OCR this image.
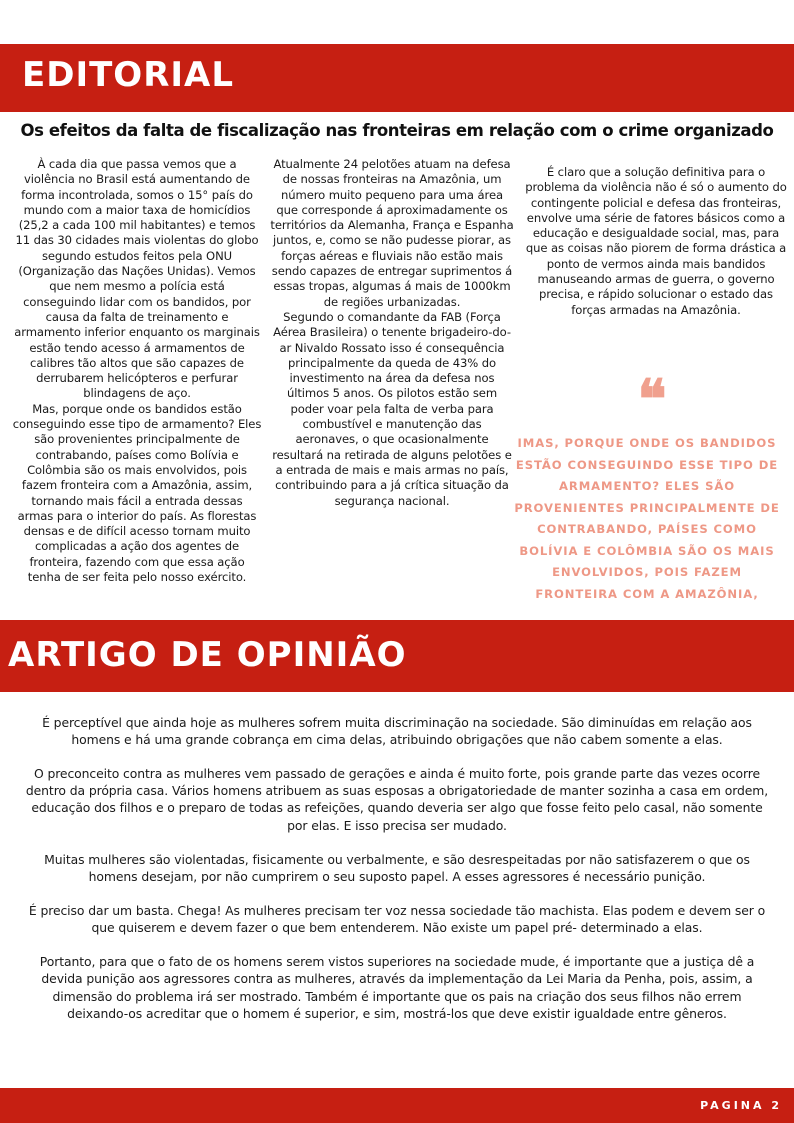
EDITORIAL
Os efeitos da falta de fiscalização nas fronteiras em relação com o crime organizado

À cada dia que passa vemos que a violência no Brasil está aumentando de forma incontrolada, somos o 15° país do mundo com a maior taxa de homicídios (25,2 a cada 100 mil habitantes) e temos 11 das 30 cidades mais violentas do globo segundo estudos feitos pela ONU (Organização das Nações Unidas). Vemos que nem mesmo a polícia está conseguindo lidar com os bandidos, por causa da falta de treinamento e armamento inferior enquanto os marginais estão tendo acesso á armamentos de calibres tão altos que são capazes de derrubarem helicópteros e perfurar blindagens de aço.

Mas, porque onde os bandidos estão conseguindo esse tipo de armamento? Eles são provenientes principalmente de contrabando, países como Bolívia e Colômbia são os mais envolvidos, pois fazem fronteira com a Amazônia, assim, tornando mais fácil a entrada dessas armas para o interior do país. As florestas densas e de difícil acesso tornam muito complicadas a ação dos agentes de fronteira, fazendo com que essa ação tenha de ser feita pelo nosso exército.

Atualmente 24 pelotões atuam na defesa de nossas fronteiras na Amazônia, um número muito pequeno para uma área que corresponde á aproximadamente os territórios da Alemanha, França e Espanha juntos, e, como se não pudesse piorar, as forças aéreas e fluviais não estão mais sendo capazes de entregar suprimentos á essas tropas, algumas á mais de 1000km de regiões urbanizadas.

Segundo o comandante da FAB (Força Aérea Brasileira) o tenente brigadeiro-do-ar Nivaldo Rossato isso é consequência principalmente da queda de 43% do investimento na área da defesa nos últimos 5 anos. Os pilotos estão sem poder voar pela falta de verba para combustível e manutenção das aeronaves, o que ocasionalmente resultará na retirada de alguns pelotões e a entrada de mais e mais armas no país, contribuindo para a já crítica situação da segurança nacional.

É claro que a solução definitiva para o problema da violência não é só o aumento do contingente policial e defesa das fronteiras, envolve uma série de fatores básicos como a educação e desigualdade social, mas, para que as coisas não piorem de forma drástica a ponto de vermos ainda mais bandidos manuseando armas de guerra, o governo precisa, e rápido solucionar o estado das forças armadas na Amazônia.

❝
IMAS, PORQUE ONDE OS BANDIDOS ESTÃO CONSEGUINDO ESSE TIPO DE ARMAMENTO? ELES SÃO PROVENIENTES PRINCIPALMENTE DE CONTRABANDO, PAÍSES COMO BOLÍVIA E COLÔMBIA SÃO OS MAIS ENVOLVIDOS, POIS FAZEM FRONTEIRA COM A AMAZÔNIA,
ARTIGO DE OPINIÃO

É perceptível que ainda hoje as mulheres sofrem muita discriminação na sociedade. São diminuídas em relação aos homens e há uma grande cobrança em cima delas, atribuindo obrigações que não cabem somente a elas.

O preconceito contra as mulheres vem passado de gerações e ainda é muito forte, pois grande parte das vezes ocorre dentro da própria casa. Vários homens atribuem as suas esposas a obrigatoriedade de manter sozinha a casa em ordem, educação dos filhos e o preparo de todas as refeições, quando deveria ser algo que fosse feito pelo casal, não somente por elas. E isso precisa ser mudado.

Muitas mulheres são violentadas, fisicamente ou verbalmente, e são desrespeitadas por não satisfazerem o que os homens desejam, por não cumprirem o seu suposto papel. A esses agressores é necessário punição.

É preciso dar um basta. Chega! As mulheres precisam ter voz nessa sociedade tão machista. Elas podem e devem ser o que quiserem e devem fazer o que bem entenderem. Não existe um papel pré- determinado a elas.

Portanto, para que o fato de os homens serem vistos superiores na sociedade mude, é importante que a justiça dê a devida punição aos agressores contra as mulheres, através da implementação da Lei Maria da Penha, pois, assim, a dimensão do problema irá ser mostrado. Também é importante que os pais na criação dos seus filhos não errem deixando-os acreditar que o homem é superior, e sim, mostrá-los que deve existir igualdade entre gêneros.

PAGINA 2
